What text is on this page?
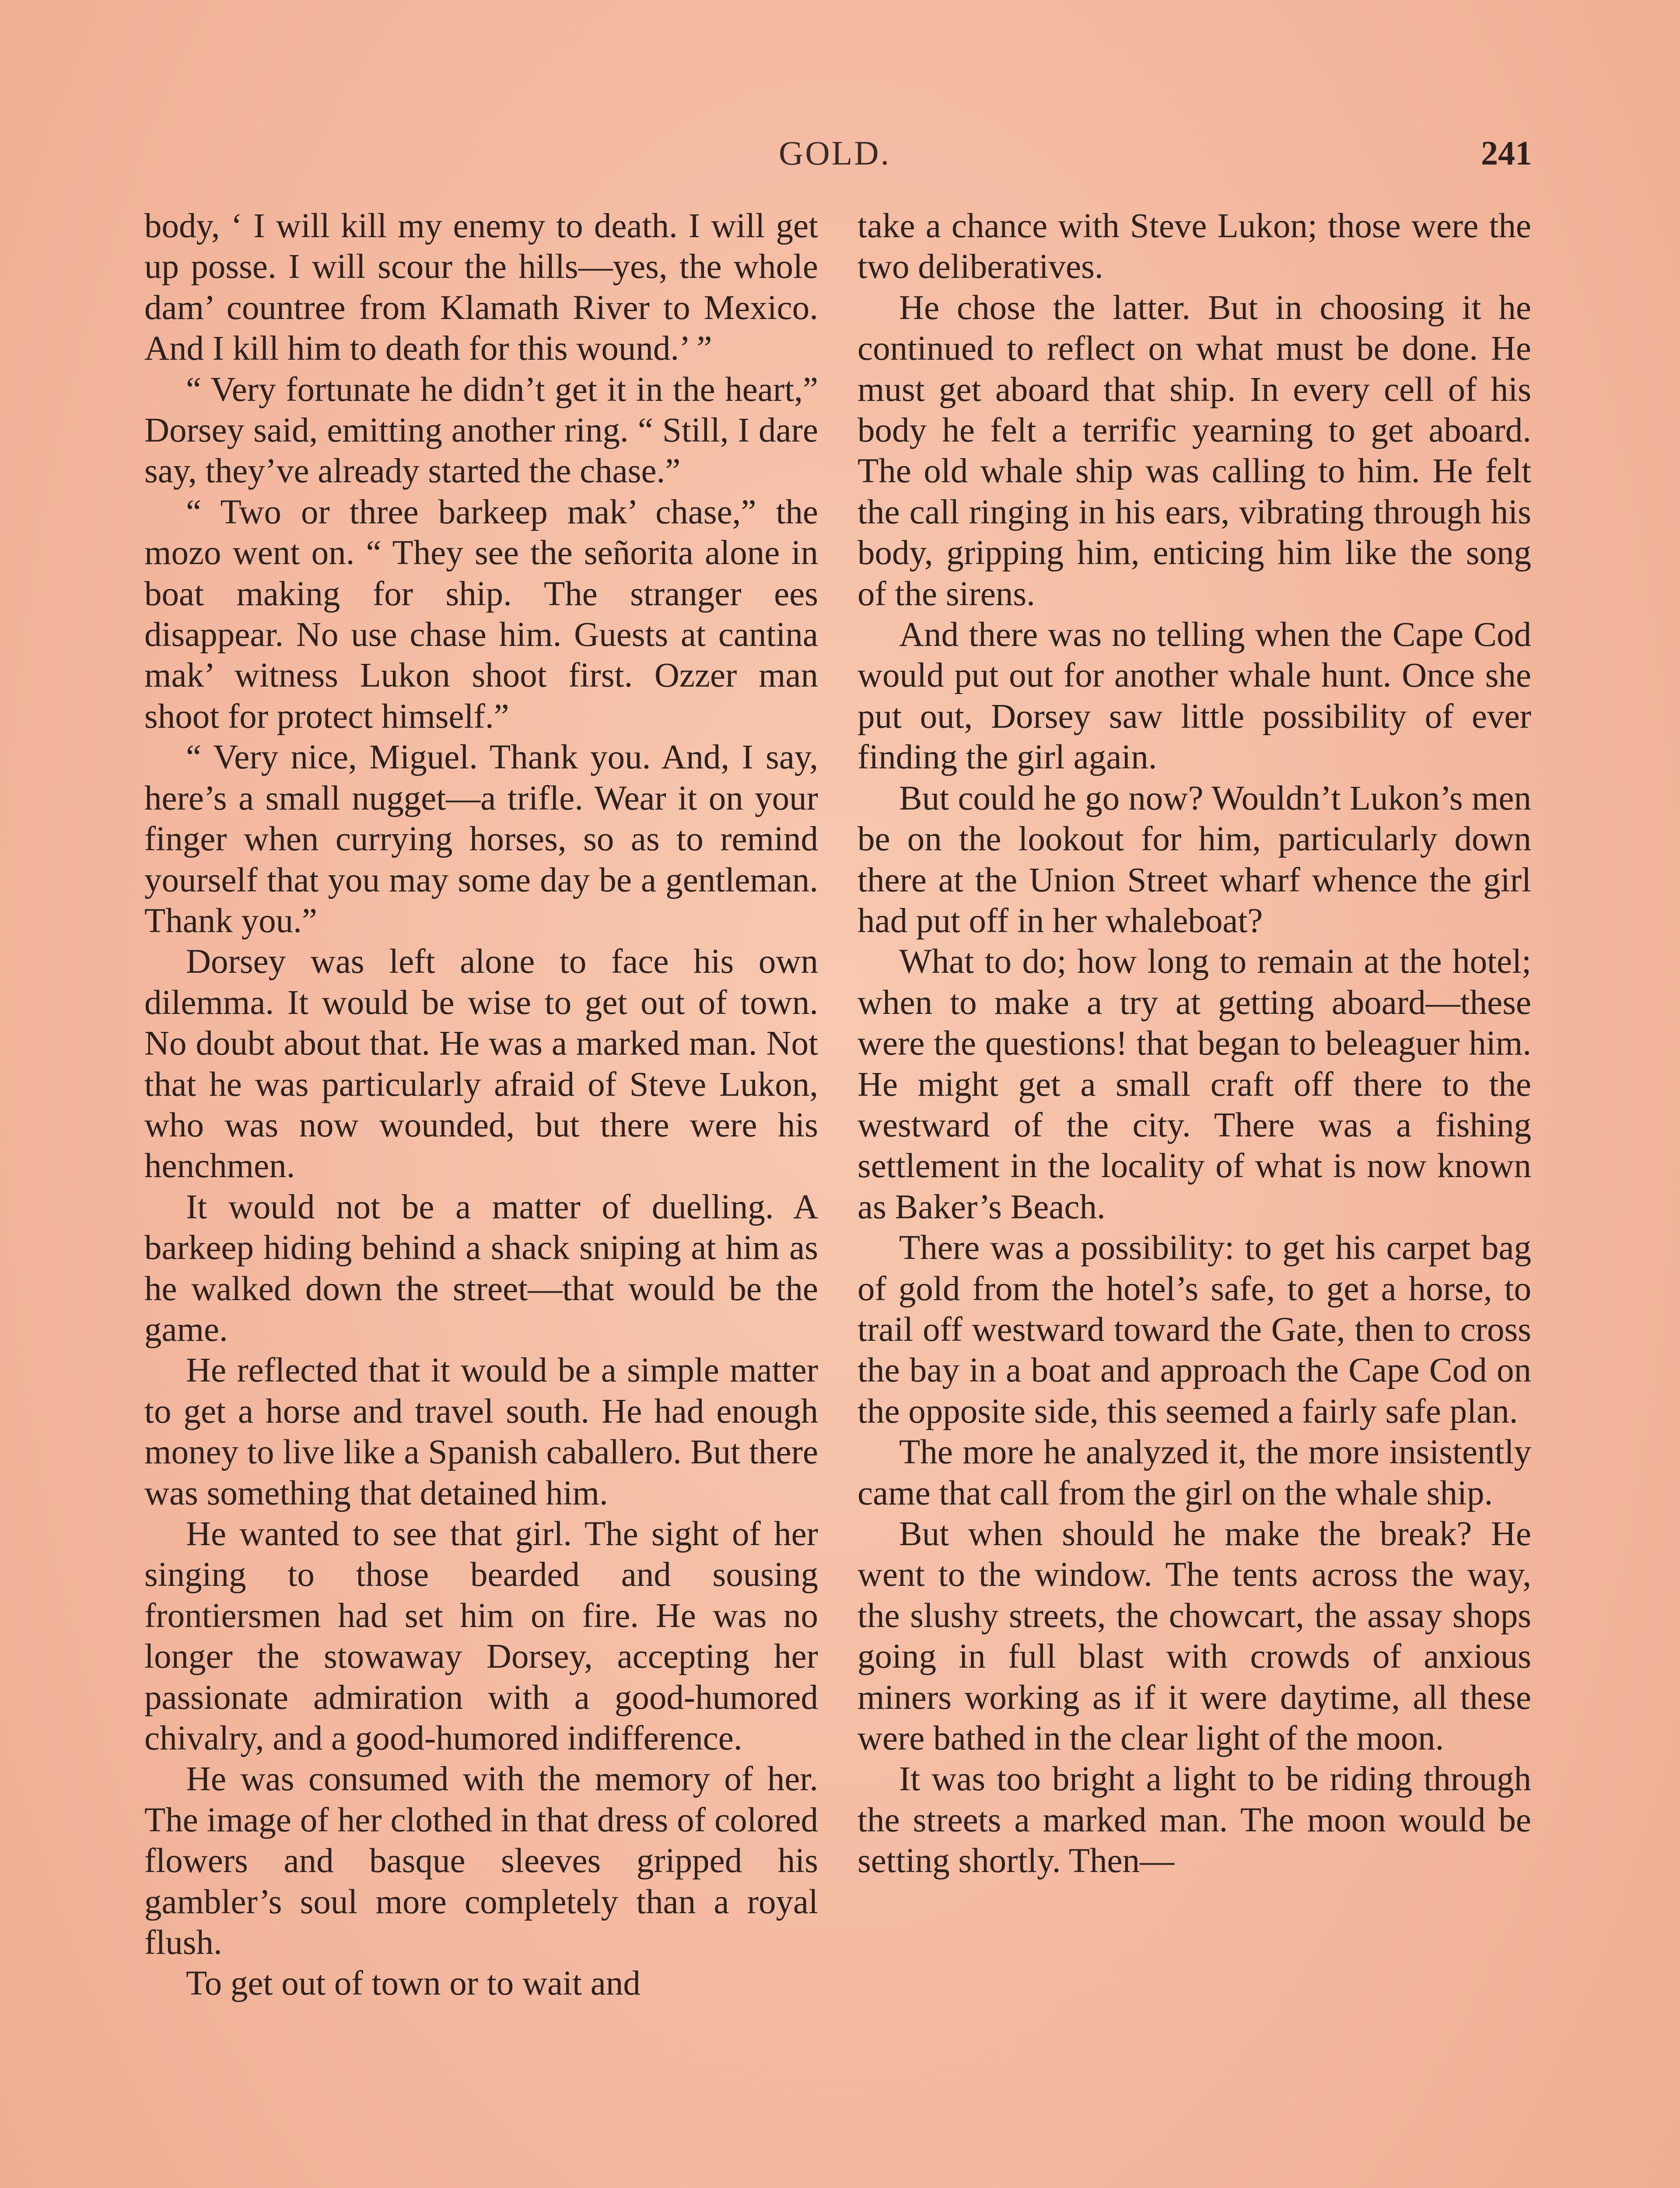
GOLD.	241

body, ‘ I will kill my enemy to death. I will get up posse. I will scour the hills—yes, the whole dam’ countree from Klamath River to Mexico. And I kill him to death for this wound.’ ”

“ Very fortunate he didn’t get it in the heart,” Dorsey said, emitting another ring. “ Still, I dare say, they’ve already started the chase.”

“ Two or three barkeep mak’ chase,” the mozo went on. “ They see the señorita alone in boat making for ship. The stranger ees disappear. No use chase him. Guests at cantina mak’ witness Lukon shoot first. Ozzer man shoot for protect himself.”

“ Very nice, Miguel. Thank you. And, I say, here’s a small nugget—a trifle. Wear it on your finger when currying horses, so as to remind yourself that you may some day be a gentleman. Thank you.”

Dorsey was left alone to face his own dilemma. It would be wise to get out of town. No doubt about that. He was a marked man. Not that he was particularly afraid of Steve Lukon, who was now wounded, but there were his henchmen.

It would not be a matter of duelling. A barkeep hiding behind a shack sniping at him as he walked down the street—that would be the game.

He reflected that it would be a simple matter to get a horse and travel south. He had enough money to live like a Spanish caballero. But there was something that detained him.

He wanted to see that girl. The sight of her singing to those bearded and sousing frontiersmen had set him on fire. He was no longer the stowaway Dorsey, accepting her passionate admiration with a good-humored chivalry, and a good-humored indifference.

He was consumed with the memory of her. The image of her clothed in that dress of colored flowers and basque sleeves gripped his gambler’s soul more completely than a royal flush.

To get out of town or to wait and

take a chance with Steve Lukon; those were the two deliberatives.

He chose the latter. But in choosing it he continued to reflect on what must be done. He must get aboard that ship. In every cell of his body he felt a terrific yearning to get aboard. The old whale ship was calling to him. He felt the call ringing in his ears, vibrating through his body, gripping him, enticing him like the song of the sirens.

And there was no telling when the Cape Cod would put out for another whale hunt. Once she put out, Dorsey saw little possibility of ever finding the girl again.

But could he go now? Wouldn’t Lukon’s men be on the lookout for him, particularly down there at the Union Street wharf whence the girl had put off in her whaleboat?

What to do; how long to remain at the hotel; when to make a try at getting aboard—these were the questions! that began to beleaguer him. He might get a small craft off there to the westward of the city. There was a fishing settlement in the locality of what is now known as Baker’s Beach.

There was a possibility: to get his carpet bag of gold from the hotel’s safe, to get a horse, to trail off westward toward the Gate, then to cross the bay in a boat and approach the Cape Cod on the opposite side, this seemed a fairly safe plan.

The more he analyzed it, the more insistently came that call from the girl on the whale ship.

But when should he make the break? He went to the window. The tents across the way, the slushy streets, the chowcart, the assay shops going in full blast with crowds of anxious miners working as if it were daytime, all these were bathed in the clear light of the moon.

It was too bright a light to be riding through the streets a marked man. The moon would be setting shortly. Then—
